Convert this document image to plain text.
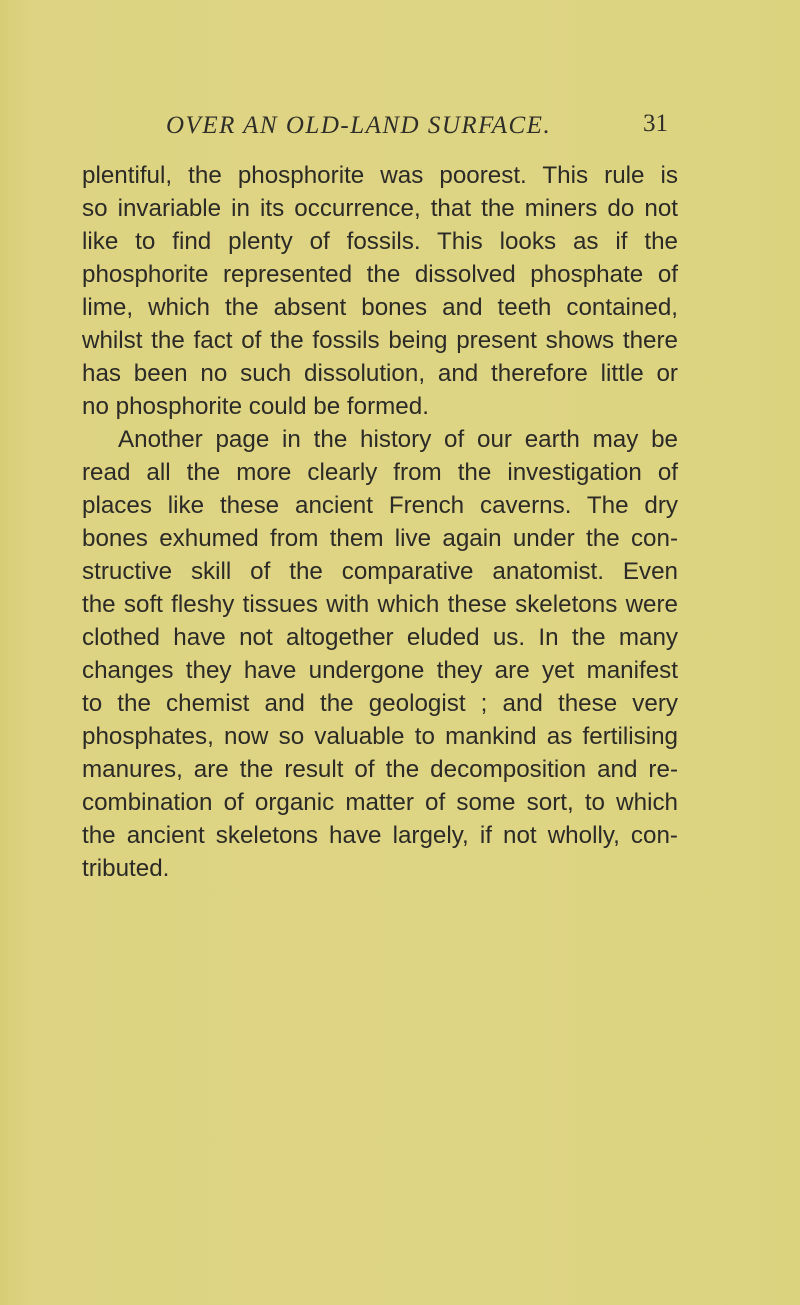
OVER AN OLD-LAND SURFACE.	31
plentiful, the phosphorite was poorest. This rule is
so invariable in its occurrence, that the miners do not
like to find plenty of fossils. This looks as if the
phosphorite represented the dissolved phosphate of
lime, which the absent bones and teeth contained,
whilst the fact of the fossils being present shows there
has been no such dissolution, and therefore little or
no phosphorite could be formed.
Another page in the history of our earth may be
read all the more clearly from the investigation of
places like these ancient French caverns. The dry
bones exhumed from them live again under the con-
structive skill of the comparative anatomist. Even
the soft fleshy tissues with which these skeletons were
clothed have not altogether eluded us. In the many
changes they have undergone they are yet manifest
to the chemist and the geologist ; and these very
phosphates, now so valuable to mankind as fertilising
manures, are the result of the decomposition and re-
combination of organic matter of some sort, to which
the ancient skeletons have largely, if not wholly, con-
tributed.
